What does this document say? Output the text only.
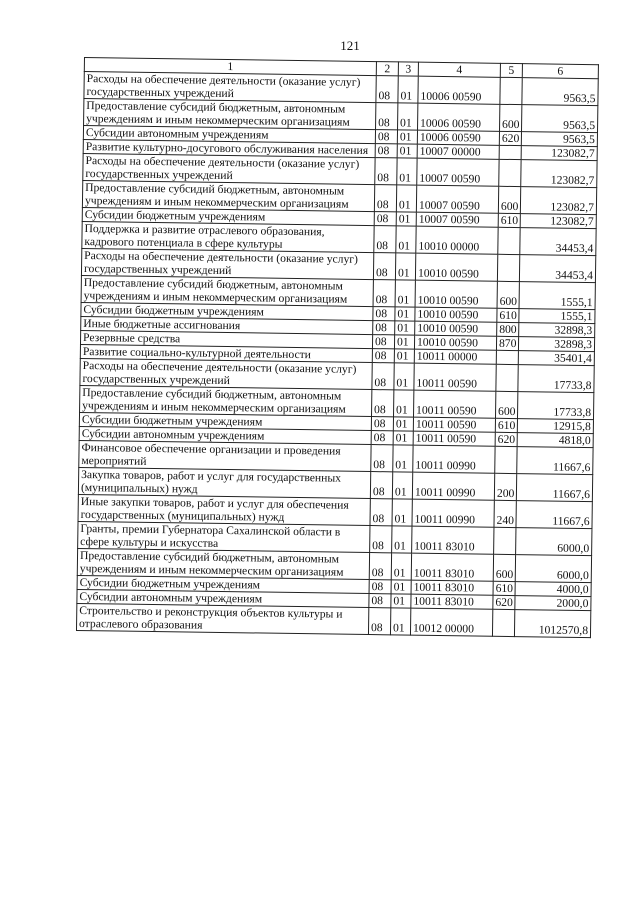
121
1	2	3	4	5	6
Расходы на обеспечение деятельности (оказание услуг) государственных учреждений	08	01	10006 00590		9563,5
Предоставление субсидий бюджетным, автономным учреждениям и иным некоммерческим организациям	08	01	10006 00590	600	9563,5
Субсидии автономным учреждениям	08	01	10006 00590	620	9563,5
Развитие культурно-досугового обслуживания населения	08	01	10007 00000		123082,7
Расходы на обеспечение деятельности (оказание услуг) государственных учреждений	08	01	10007 00590		123082,7
Предоставление субсидий бюджетным, автономным учреждениям и иным некоммерческим организациям	08	01	10007 00590	600	123082,7
Субсидии бюджетным учреждениям	08	01	10007 00590	610	123082,7
Поддержка и развитие отраслевого образования, кадрового потенциала в сфере культуры	08	01	10010 00000		34453,4
Расходы на обеспечение деятельности (оказание услуг) государственных учреждений	08	01	10010 00590		34453,4
Предоставление субсидий бюджетным, автономным учреждениям и иным некоммерческим организациям	08	01	10010 00590	600	1555,1
Субсидии бюджетным учреждениям	08	01	10010 00590	610	1555,1
Иные бюджетные ассигнования	08	01	10010 00590	800	32898,3
Резервные средства	08	01	10010 00590	870	32898,3
Развитие социально-культурной деятельности	08	01	10011 00000		35401,4
Расходы на обеспечение деятельности (оказание услуг) государственных учреждений	08	01	10011 00590		17733,8
Предоставление субсидий бюджетным, автономным учреждениям и иным некоммерческим организациям	08	01	10011 00590	600	17733,8
Субсидии бюджетным учреждениям	08	01	10011 00590	610	12915,8
Субсидии автономным учреждениям	08	01	10011 00590	620	4818,0
Финансовое обеспечение организации и проведения мероприятий	08	01	10011 00990		11667,6
Закупка товаров, работ и услуг для государственных (муниципальных) нужд	08	01	10011 00990	200	11667,6
Иные закупки товаров, работ и услуг для обеспечения государственных (муниципальных) нужд	08	01	10011 00990	240	11667,6
Гранты, премии Губернатора Сахалинской области в сфере культуры и искусства	08	01	10011 83010		6000,0
Предоставление субсидий бюджетным, автономным учреждениям и иным некоммерческим организациям	08	01	10011 83010	600	6000,0
Субсидии бюджетным учреждениям	08	01	10011 83010	610	4000,0
Субсидии автономным учреждениям	08	01	10011 83010	620	2000,0
Строительство и реконструкция объектов культуры и отраслевого образования	08	01	10012 00000		1012570,8
